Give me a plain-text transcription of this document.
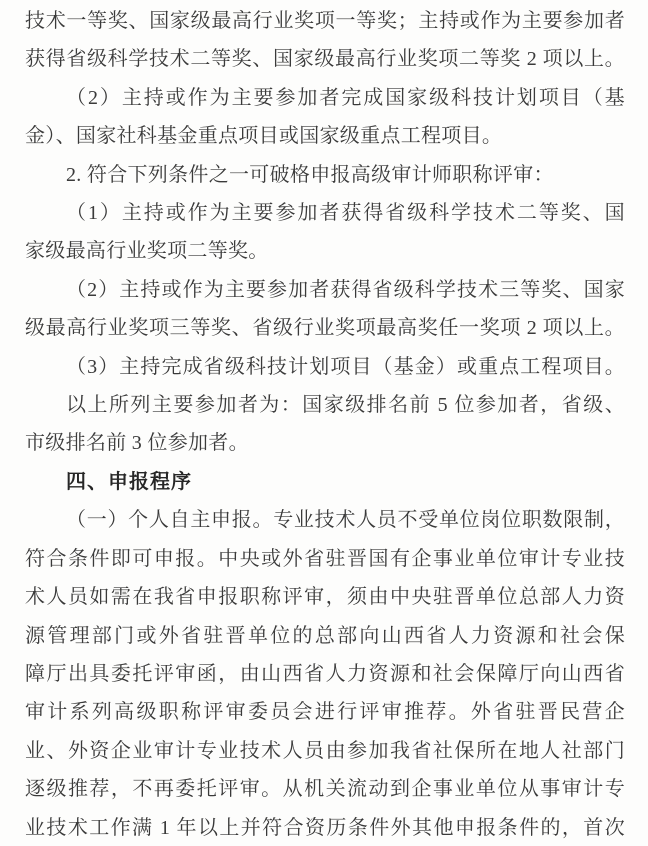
技术一等奖、国家级最高行业奖项一等奖；主持或作为主要参加者
获得省级科学技术二等奖、国家级最高行业奖项二等奖 2 项以上。
（2）主持或作为主要参加者完成国家级科技计划项目（基
金）、国家社科基金重点项目或国家级重点工程项目。
2. 符合下列条件之一可破格申报高级审计师职称评审：
（1）主持或作为主要参加者获得省级科学技术二等奖、国
家级最高行业奖项二等奖。
（2）主持或作为主要参加者获得省级科学技术三等奖、国家
级最高行业奖项三等奖、省级行业奖项最高奖任一奖项 2 项以上。
（3）主持完成省级科技计划项目（基金）或重点工程项目。
以上所列主要参加者为：国家级排名前 5 位参加者，省级、
市级排名前 3 位参加者。
四、申报程序
（一）个人自主申报。专业技术人员不受单位岗位职数限制，
符合条件即可申报。中央或外省驻晋国有企事业单位审计专业技
术人员如需在我省申报职称评审，须由中央驻晋单位总部人力资
源管理部门或外省驻晋单位的总部向山西省人力资源和社会保
障厅出具委托评审函，由山西省人力资源和社会保障厅向山西省
审计系列高级职称评审委员会进行评审推荐。外省驻晋民营企
业、外资企业审计专业技术人员由参加我省社保所在地人社部门
逐级推荐，不再委托评审。从机关流动到企事业单位从事审计专
业技术工作满 1 年以上并符合资历条件外其他申报条件的，首次
